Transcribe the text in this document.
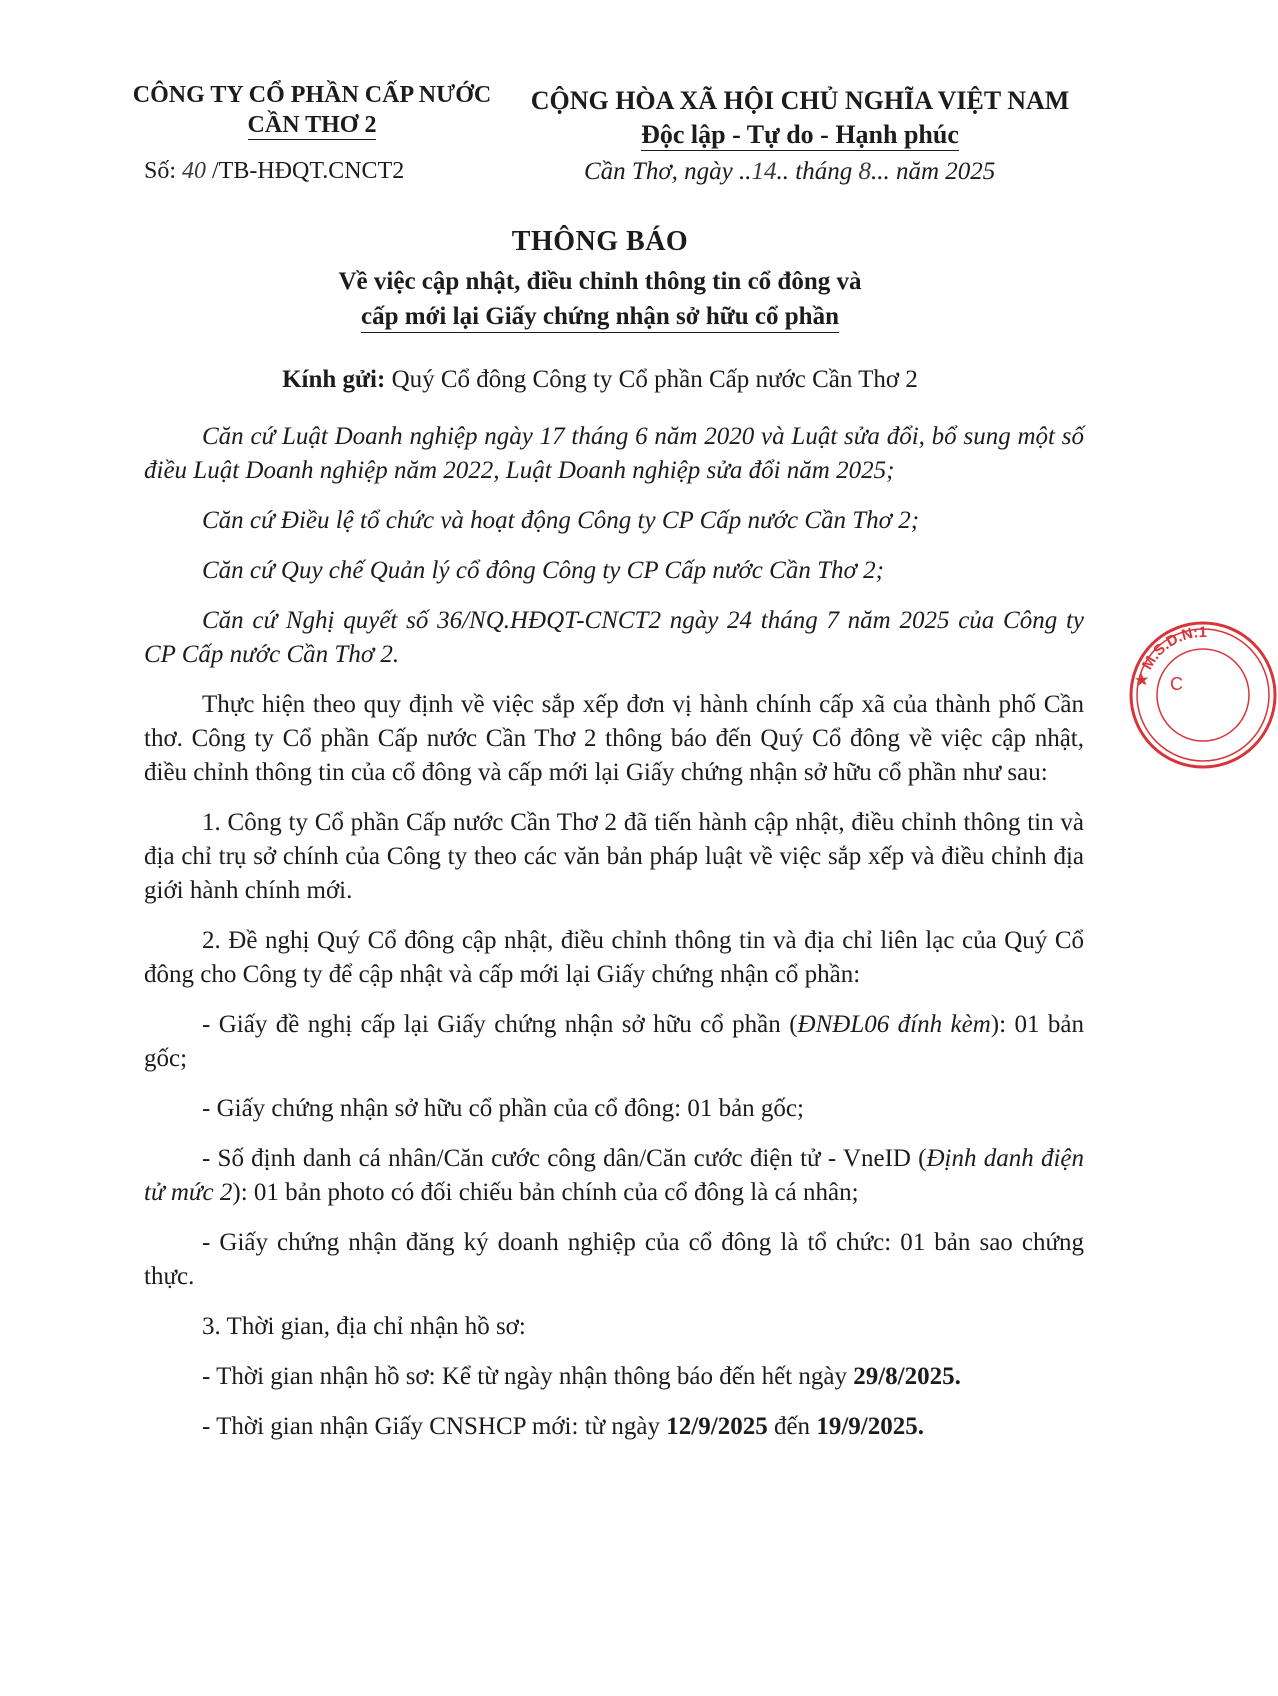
CÔNG TY CỔ PHẦN CẤP NƯỚC
CẦN THƠ 2
CỘNG HÒA XÃ HỘI CHỦ NGHĨA VIỆT NAM
Độc lập - Tự do - Hạnh phúc
Số: 40 /TB-HĐQT.CNCT2	Cần Thơ, ngày ..14.. tháng 8... năm 2025
THÔNG BÁO
Về việc cập nhật, điều chỉnh thông tin cổ đông và
cấp mới lại Giấy chứng nhận sở hữu cổ phần
Kính gửi: Quý Cổ đông Công ty Cổ phần Cấp nước Cần Thơ 2

Căn cứ Luật Doanh nghiệp ngày 17 tháng 6 năm 2020 và Luật sửa đổi, bổ sung một số điều Luật Doanh nghiệp năm 2022, Luật Doanh nghiệp sửa đổi năm 2025;

Căn cứ Điều lệ tổ chức và hoạt động Công ty CP Cấp nước Cần Thơ 2;

Căn cứ Quy chế Quản lý cổ đông Công ty CP Cấp nước Cần Thơ 2;

Căn cứ Nghị quyết số 36/NQ.HĐQT-CNCT2 ngày 24 tháng 7 năm 2025 của Công ty CP Cấp nước Cần Thơ 2.

Thực hiện theo quy định về việc sắp xếp đơn vị hành chính cấp xã của thành phố Cần thơ. Công ty Cổ phần Cấp nước Cần Thơ 2 thông báo đến Quý Cổ đông về việc cập nhật, điều chỉnh thông tin của cổ đông và cấp mới lại Giấy chứng nhận sở hữu cổ phần như sau:

1. Công ty Cổ phần Cấp nước Cần Thơ 2 đã tiến hành cập nhật, điều chỉnh thông tin và địa chỉ trụ sở chính của Công ty theo các văn bản pháp luật về việc sắp xếp và điều chỉnh địa giới hành chính mới.

2. Đề nghị Quý Cổ đông cập nhật, điều chỉnh thông tin và địa chỉ liên lạc của Quý Cổ đông cho Công ty để cập nhật và cấp mới lại Giấy chứng nhận cổ phần:

- Giấy đề nghị cấp lại Giấy chứng nhận sở hữu cổ phần (ĐNĐL06 đính kèm): 01 bản gốc;

- Giấy chứng nhận sở hữu cổ phần của cổ đông: 01 bản gốc;

- Số định danh cá nhân/Căn cước công dân/Căn cước điện tử - VneID (Định danh điện tử mức 2): 01 bản photo có đối chiếu bản chính của cổ đông là cá nhân;

- Giấy chứng nhận đăng ký doanh nghiệp của cổ đông là tổ chức: 01 bản sao chứng thực.

3. Thời gian, địa chỉ nhận hồ sơ:

- Thời gian nhận hồ sơ: Kể từ ngày nhận thông báo đến hết ngày 29/8/2025.

- Thời gian nhận Giấy CNSHCP mới: từ ngày 12/9/2025 đến 19/9/2025.

★ M.S.D.N:1
C
